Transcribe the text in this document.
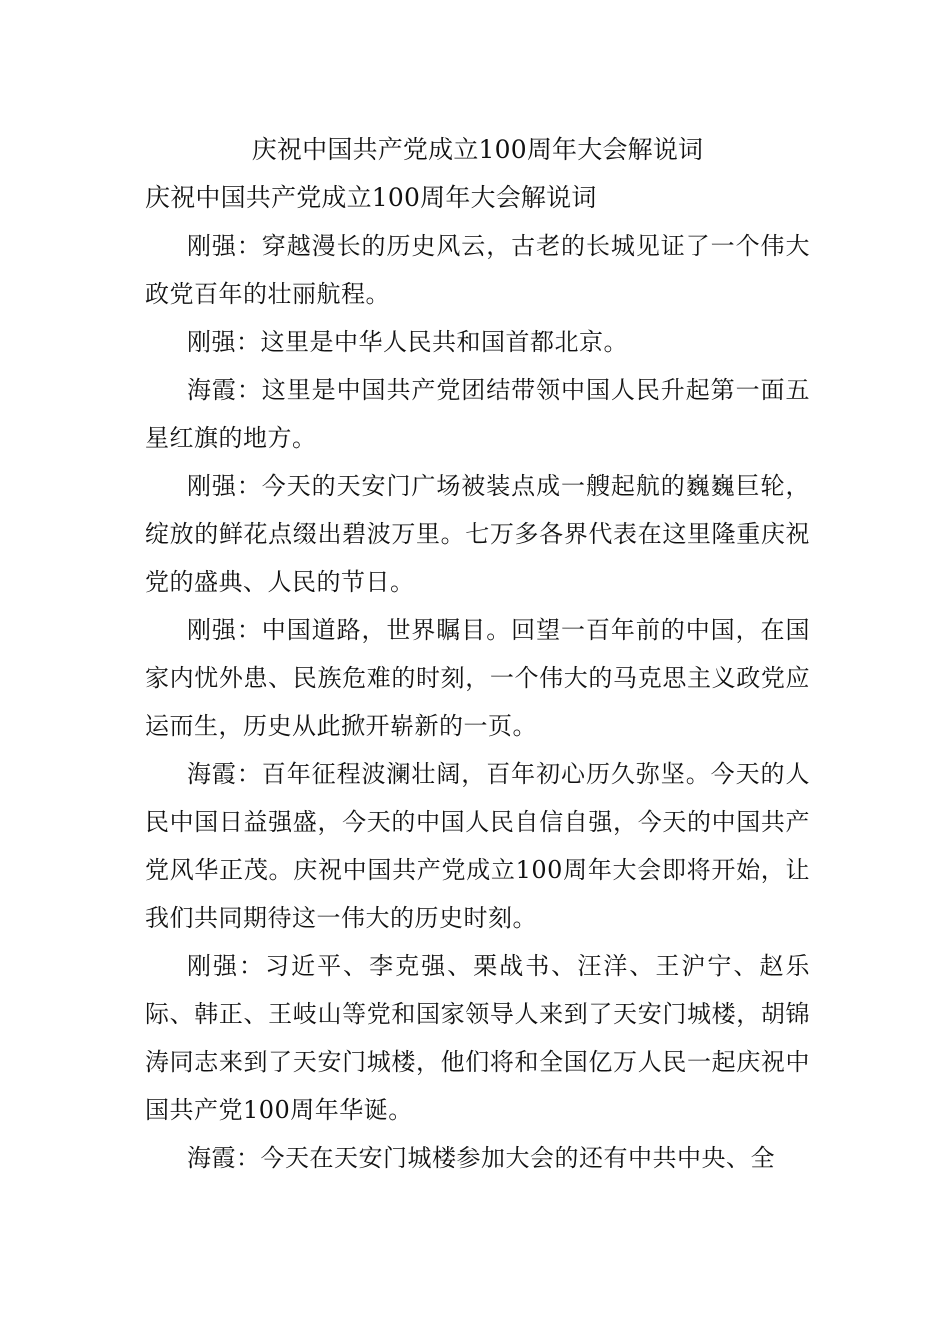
庆祝中国共产党成立100周年大会解说词
庆祝中国共产党成立100周年大会解说词

刚强：穿越漫长的历史风云，古老的长城见证了一个伟大政党百年的壮丽航程。

刚强：这里是中华人民共和国首都北京。

海霞：这里是中国共产党团结带领中国人民升起第一面五星红旗的地方。

刚强：今天的天安门广场被装点成一艘起航的巍巍巨轮，绽放的鲜花点缀出碧波万里。七万多各界代表在这里隆重庆祝党的盛典、人民的节日。

刚强：中国道路，世界瞩目。回望一百年前的中国，在国家内忧外患、民族危难的时刻，一个伟大的马克思主义政党应运而生，历史从此掀开崭新的一页。

海霞：百年征程波澜壮阔，百年初心历久弥坚。今天的人民中国日益强盛，今天的中国人民自信自强，今天的中国共产党风华正茂。庆祝中国共产党成立100周年大会即将开始，让我们共同期待这一伟大的历史时刻。

刚强：习近平、李克强、栗战书、汪洋、王沪宁、赵乐际、韩正、王岐山等党和国家领导人来到了天安门城楼，胡锦涛同志来到了天安门城楼，他们将和全国亿万人民一起庆祝中国共产党100周年华诞。

海霞：今天在天安门城楼参加大会的还有中共中央、全
